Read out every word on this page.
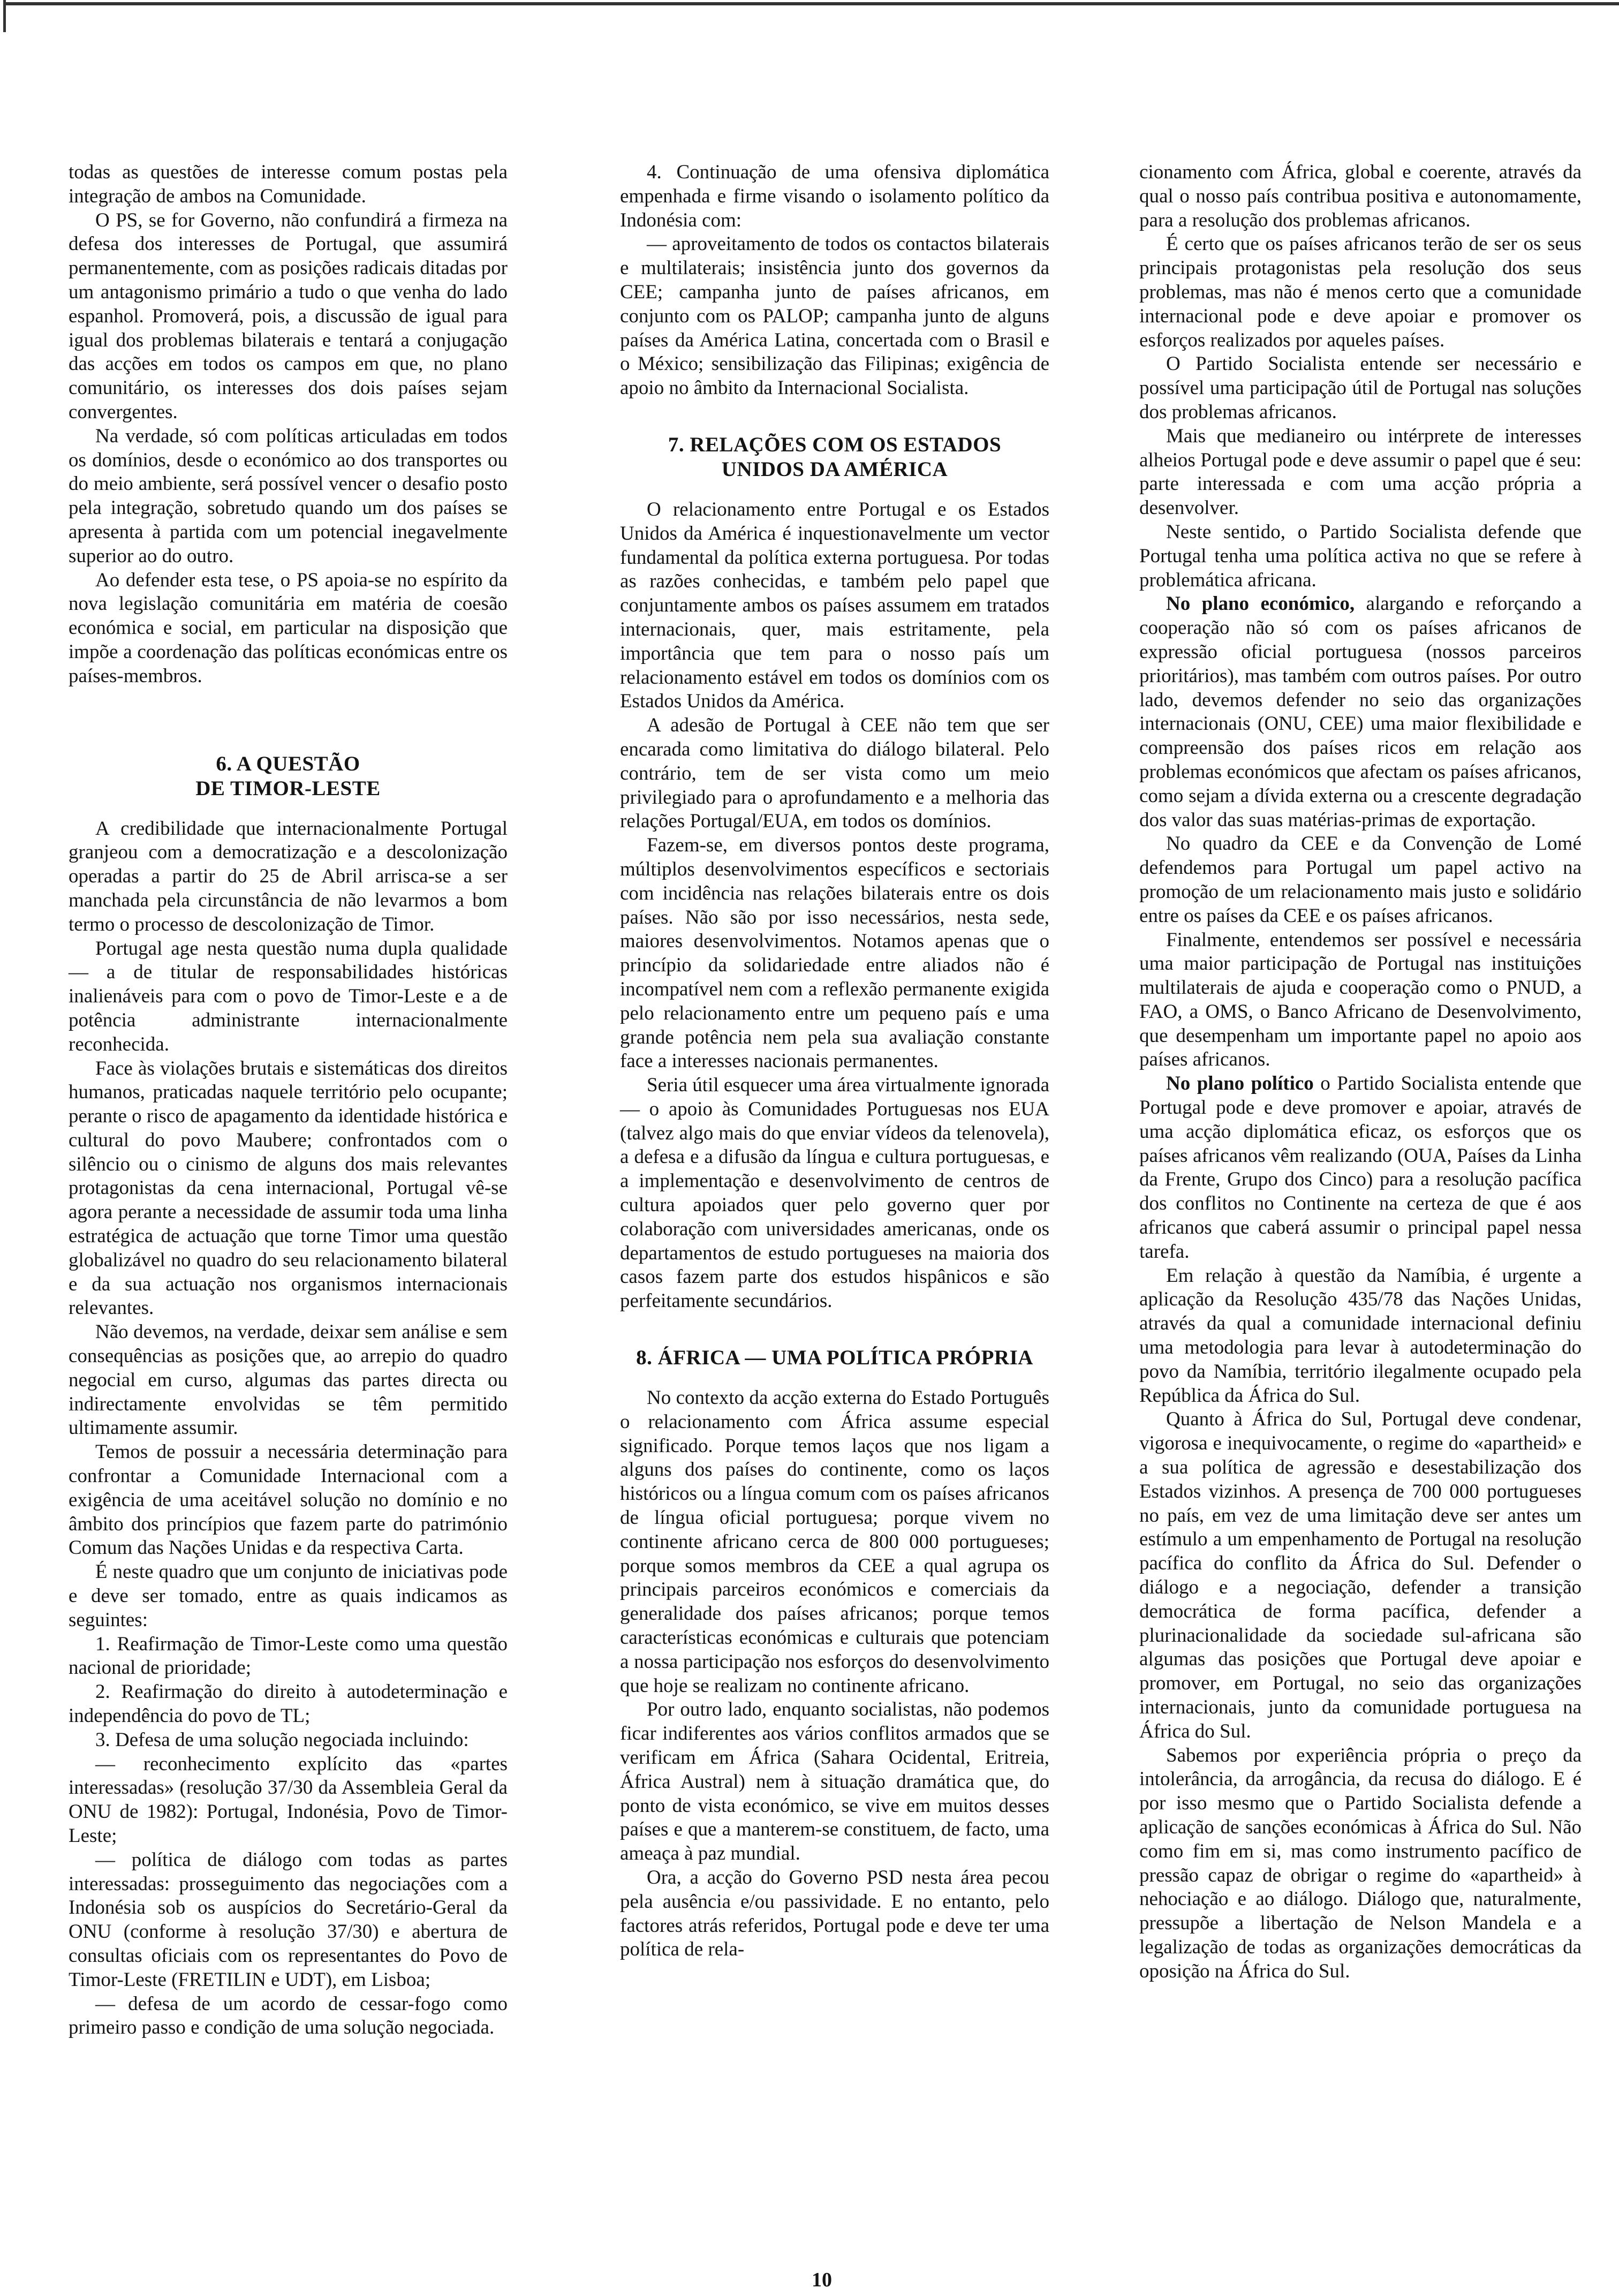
todas as questões de interesse comum postas pela integração de ambos na Comunidade.

O PS, se for Governo, não confundirá a firmeza na defesa dos interesses de Portugal, que assumirá permanentemente, com as posições radicais ditadas por um antagonismo primário a tudo o que venha do lado espanhol. Promoverá, pois, a discussão de igual para igual dos problemas bilaterais e tentará a conjugação das acções em todos os campos em que, no plano comunitário, os interesses dos dois países sejam convergentes.

Na verdade, só com políticas articuladas em todos os domínios, desde o económico ao dos transportes ou do meio ambiente, será possível vencer o desafio posto pela integração, sobretudo quando um dos países se apresenta à partida com um potencial inegavelmente superior ao do outro.

Ao defender esta tese, o PS apoia-se no espírito da nova legislação comunitária em matéria de coesão económica e social, em particular na disposição que impõe a coordenação das políticas económicas entre os países-membros.

6. A QUESTÃO
DE TIMOR-LESTE

A credibilidade que internacionalmente Portugal granjeou com a democratização e a descolonização operadas a partir do 25 de Abril arrisca-se a ser manchada pela circunstância de não levarmos a bom termo o processo de descolonização de Timor.

Portugal age nesta questão numa dupla qualidade — a de titular de responsabilidades históricas inalienáveis para com o povo de Timor-Leste e a de potência administrante internacionalmente reconhecida.

Face às violações brutais e sistemáticas dos direitos humanos, praticadas naquele território pelo ocupante; perante o risco de apagamento da identidade histórica e cultural do povo Maubere; confrontados com o silêncio ou o cinismo de alguns dos mais relevantes protagonistas da cena internacional, Portugal vê-se agora perante a necessidade de assumir toda uma linha estratégica de actuação que torne Timor uma questão globalizável no quadro do seu relacionamento bilateral e da sua actuação nos organismos internacionais relevantes.

Não devemos, na verdade, deixar sem análise e sem consequências as posições que, ao arrepio do quadro negocial em curso, algumas das partes directa ou indirectamente envolvidas se têm permitido ultimamente assumir.

Temos de possuir a necessária determinação para confrontar a Comunidade Internacional com a exigência de uma aceitável solução no domínio e no âmbito dos princípios que fazem parte do património Comum das Nações Unidas e da respectiva Carta.

É neste quadro que um conjunto de iniciativas pode e deve ser tomado, entre as quais indicamos as seguintes:

1. Reafirmação de Timor-Leste como uma questão nacional de prioridade;

2. Reafirmação do direito à autodeterminação e independência do povo de TL;

3. Defesa de uma solução negociada incluindo:

— reconhecimento explícito das «partes interessadas» (resolução 37/30 da Assembleia Geral da ONU de 1982): Portugal, Indonésia, Povo de Timor-Leste;

— política de diálogo com todas as partes interessadas: prosseguimento das negociações com a Indonésia sob os auspícios do Secretário-Geral da ONU (conforme à resolução 37/30) e abertura de consultas oficiais com os representantes do Povo de Timor-Leste (FRETILIN e UDT), em Lisboa;

— defesa de um acordo de cessar-fogo como primeiro passo e condição de uma solução negociada.

4. Continuação de uma ofensiva diplomática empenhada e firme visando o isolamento político da Indonésia com:

— aproveitamento de todos os contactos bilaterais e multilaterais; insistência junto dos governos da CEE; campanha junto de países africanos, em conjunto com os PALOP; campanha junto de alguns países da América Latina, concertada com o Brasil e o México; sensibilização das Filipinas; exigência de apoio no âmbito da Internacional Socialista.

7. RELAÇÕES COM OS ESTADOS
UNIDOS DA AMÉRICA

O relacionamento entre Portugal e os Estados Unidos da América é inquestionavelmente um vector fundamental da política externa portuguesa. Por todas as razões conhecidas, e também pelo papel que conjuntamente ambos os países assumem em tratados internacionais, quer, mais estritamente, pela importância que tem para o nosso país um relacionamento estável em todos os domínios com os Estados Unidos da América.

A adesão de Portugal à CEE não tem que ser encarada como limitativa do diálogo bilateral. Pelo contrário, tem de ser vista como um meio privilegiado para o aprofundamento e a melhoria das relações Portugal/EUA, em todos os domínios.

Fazem-se, em diversos pontos deste programa, múltiplos desenvolvimentos específicos e sectoriais com incidência nas relações bilaterais entre os dois países. Não são por isso necessários, nesta sede, maiores desenvolvimentos. Notamos apenas que o princípio da solidariedade entre aliados não é incompatível nem com a reflexão permanente exigida pelo relacionamento entre um pequeno país e uma grande potência nem pela sua avaliação constante face a interesses nacionais permanentes.

Seria útil esquecer uma área virtualmente ignorada — o apoio às Comunidades Portuguesas nos EUA (talvez algo mais do que enviar vídeos da telenovela), a defesa e a difusão da língua e cultura portuguesas, e a implementação e desenvolvimento de centros de cultura apoiados quer pelo governo quer por colaboração com universidades americanas, onde os departamentos de estudo portugueses na maioria dos casos fazem parte dos estudos hispânicos e são perfeitamente secundários.

8. ÁFRICA — UMA POLÍTICA PRÓPRIA

No contexto da acção externa do Estado Português o relacionamento com África assume especial significado. Porque temos laços que nos ligam a alguns dos países do continente, como os laços históricos ou a língua comum com os países africanos de língua oficial portuguesa; porque vivem no continente africano cerca de 800 000 portugueses; porque somos membros da CEE a qual agrupa os principais parceiros económicos e comerciais da generalidade dos países africanos; porque temos características económicas e culturais que potenciam a nossa participação nos esforços do desenvolvimento que hoje se realizam no continente africano.

Por outro lado, enquanto socialistas, não podemos ficar indiferentes aos vários conflitos armados que se verificam em África (Sahara Ocidental, Eritreia, África Austral) nem à situação dramática que, do ponto de vista económico, se vive em muitos desses países e que a manterem-se constituem, de facto, uma ameaça à paz mundial.

Ora, a acção do Governo PSD nesta área pecou pela ausência e/ou passividade. E no entanto, pelo factores atrás referidos, Portugal pode e deve ter uma política de rela-

cionamento com África, global e coerente, através da qual o nosso país contribua positiva e autonomamente, para a resolução dos problemas africanos.

É certo que os países africanos terão de ser os seus principais protagonistas pela resolução dos seus problemas, mas não é menos certo que a comunidade internacional pode e deve apoiar e promover os esforços realizados por aqueles países.

O Partido Socialista entende ser necessário e possível uma participação útil de Portugal nas soluções dos problemas africanos.

Mais que medianeiro ou intérprete de interesses alheios Portugal pode e deve assumir o papel que é seu: parte interessada e com uma acção própria a desenvolver.

Neste sentido, o Partido Socialista defende que Portugal tenha uma política activa no que se refere à problemática africana.

No plano económico, alargando e reforçando a cooperação não só com os países africanos de expressão oficial portuguesa (nossos parceiros prioritários), mas também com outros países. Por outro lado, devemos defender no seio das organizações internacionais (ONU, CEE) uma maior flexibilidade e compreensão dos países ricos em relação aos problemas económicos que afectam os países africanos, como sejam a dívida externa ou a crescente degradação dos valor das suas matérias-primas de exportação.

No quadro da CEE e da Convenção de Lomé defendemos para Portugal um papel activo na promoção de um relacionamento mais justo e solidário entre os países da CEE e os países africanos.

Finalmente, entendemos ser possível e necessária uma maior participação de Portugal nas instituições multilaterais de ajuda e cooperação como o PNUD, a FAO, a OMS, o Banco Africano de Desenvolvimento, que desempenham um importante papel no apoio aos países africanos.

No plano político o Partido Socialista entende que Portugal pode e deve promover e apoiar, através de uma acção diplomática eficaz, os esforços que os países africanos vêm realizando (OUA, Países da Linha da Frente, Grupo dos Cinco) para a resolução pacífica dos conflitos no Continente na certeza de que é aos africanos que caberá assumir o principal papel nessa tarefa.

Em relação à questão da Namíbia, é urgente a aplicação da Resolução 435/78 das Nações Unidas, através da qual a comunidade internacional definiu uma metodologia para levar à autodeterminação do povo da Namíbia, território ilegalmente ocupado pela República da África do Sul.

Quanto à África do Sul, Portugal deve condenar, vigorosa e inequivocamente, o regime do «apartheid» e a sua política de agressão e desestabilização dos Estados vizinhos. A presença de 700 000 portugueses no país, em vez de uma limitação deve ser antes um estímulo a um empenhamento de Portugal na resolução pacífica do conflito da África do Sul. Defender o diálogo e a negociação, defender a transição democrática de forma pacífica, defender a plurinacionalidade da sociedade sul-africana são algumas das posições que Portugal deve apoiar e promover, em Portugal, no seio das organizações internacionais, junto da comunidade portuguesa na África do Sul.

Sabemos por experiência própria o preço da intolerância, da arrogância, da recusa do diálogo. E é por isso mesmo que o Partido Socialista defende a aplicação de sanções económicas à África do Sul. Não como fim em si, mas como instrumento pacífico de pressão capaz de obrigar o regime do «apartheid» à nehociação e ao diálogo. Diálogo que, naturalmente, pressupõe a libertação de Nelson Mandela e a legalização de todas as organizações democráticas da oposição na África do Sul.

10
